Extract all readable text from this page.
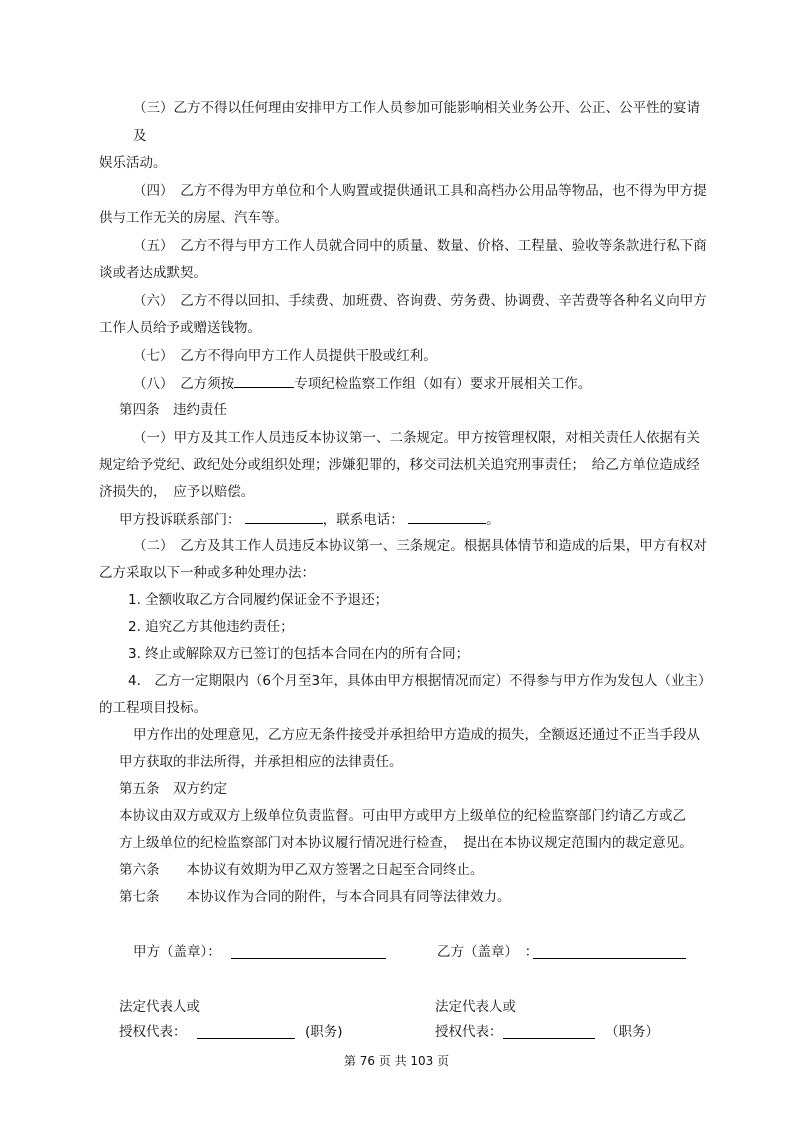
（三）乙方不得以任何理由安排甲方工作人员参加可能影响相关业务公开、公正、公平性的宴请
及
娱乐活动。
（四）　乙方不得为甲方单位和个人购置或提供通讯工具和高档办公用品等物品，也不得为甲方提
供与工作无关的房屋、汽车等。
（五）　乙方不得与甲方工作人员就合同中的质量、数量、价格、工程量、验收等条款进行私下商
谈或者达成默契。
（六）　乙方不得以回扣、手续费、加班费、咨询费、劳务费、协调费、辛苦费等各种名义向甲方
工作人员给予或赠送钱物。
（七）　乙方不得向甲方工作人员提供干股或红利。
（八）　乙方须按	专项纪检监察工作组（如有）要求开展相关工作。
第四条　违约责任
（一）甲方及其工作人员违反本协议第一、二条规定。甲方按管理权限，对相关责任人依据有关
规定给予党纪、政纪处分或组织处理；涉嫌犯罪的，移交司法机关追究刑事责任；　给乙方单位造成经
济损失的，　应予以赔偿。
甲方投诉联系部门：	，联系电话：	。
（二）　乙方及其工作人员违反本协议第一、三条规定。根据具体情节和造成的后果，甲方有权对
乙方采取以下一种或多种处理办法：
1. 全额收取乙方合同履约保证金不予退还；
2. 追究乙方其他违约责任；
3. 终止或解除双方已签订的包括本合同在内的所有合同；
4.　乙方一定期限内（6个月至3年，具体由甲方根据情况而定）不得参与甲方作为发包人（业主）
的工程项目投标。
甲方作出的处理意见，乙方应无条件接受并承担给甲方造成的损失，全额返还通过不正当手段从
甲方获取的非法所得，并承担相应的法律责任。
第五条　双方约定
本协议由双方或双方上级单位负责监督。可由甲方或甲方上级单位的纪检监察部门约请乙方或乙
方上级单位的纪检监察部门对本协议履行情况进行检查，　提出在本协议规定范围内的裁定意见。
第六条　　本协议有效期为甲乙双方签署之日起至合同终止。
第七条　　本协议作为合同的附件，与本合同具有同等法律效力。
甲方（盖章）：	乙方（盖章）　：
法定代表人或	法定代表人或
授权代表：	(职务)	授权代表：	（职务）
第 76 页 共 103 页
